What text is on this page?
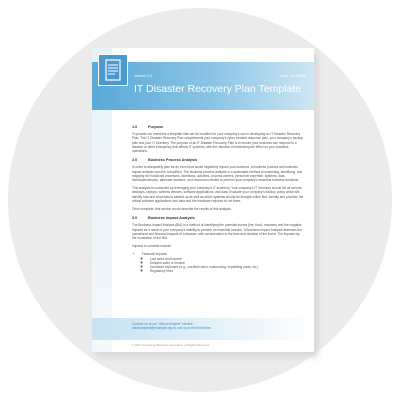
Version 1.0	Date: 10/1/2019
IT Disaster Recovery Plan Template
1.0	Purpose

To provide our members a template that can be modified for your company's use in developing an IT Disaster Recovery Plan. The IT Disaster Recovery Plan complements your company's cyber incident response plan, your company's backup plan and your IT inventory. The purpose of an IT Disaster Recovery Plan is to ensure your business can respond to a disaster or other emergency that affects IT systems, with the intention of minimizing the effect on your business operations.

2.0	Business Process Analysis

In order to adequately plan for an event that would negatively impact your business, a business process and business impact analysis must be completed. The business process analysis is a systematic method of examining, identifying, and mapping the functional processes, workflows, activities, process owners, personnel expertise, systems, data, interdependencies, alternate locations, and resources needed to perform your company's essential business functions.

This analysis is conducted by leveraging your company's IT inventory. Your company's IT inventory should list all servers, desktops, laptops, wireless devices, software applications, and data. Evaluate your company's backup policy which will identify how and what data is backed up as well as which systems should be brought online first. Identify and prioritize the critical software applications and data and the hardware required to run them.

Once complete, this section would describe the results of this analysis.

3.0	Business Impact Analysis

The Business Impact Analysis (BIA) is a method of identifying the potential events (fire, flood, malware) and the negative impacts as a result of your company's inability to perform an essential function. A Business Impact Analysis assesses the operational and financial impacts of a disaster, with consideration to the time and duration of the event. The impacts lay the foundation of the BIA.

Impacts to consider include:

• Financial Impacts
◦ Lost sales and income
◦ Delayed sales or income
◦ Increased expenses (e.g., overtime labor, outsourcing, expediting costs, etc.)
◦ Regulatory fines
Contact us at our "Ask-an-Expert" service:
asktheexpert@example.org or call us at the link below
© 2019 Technology Business Association. All Rights Reserved.
